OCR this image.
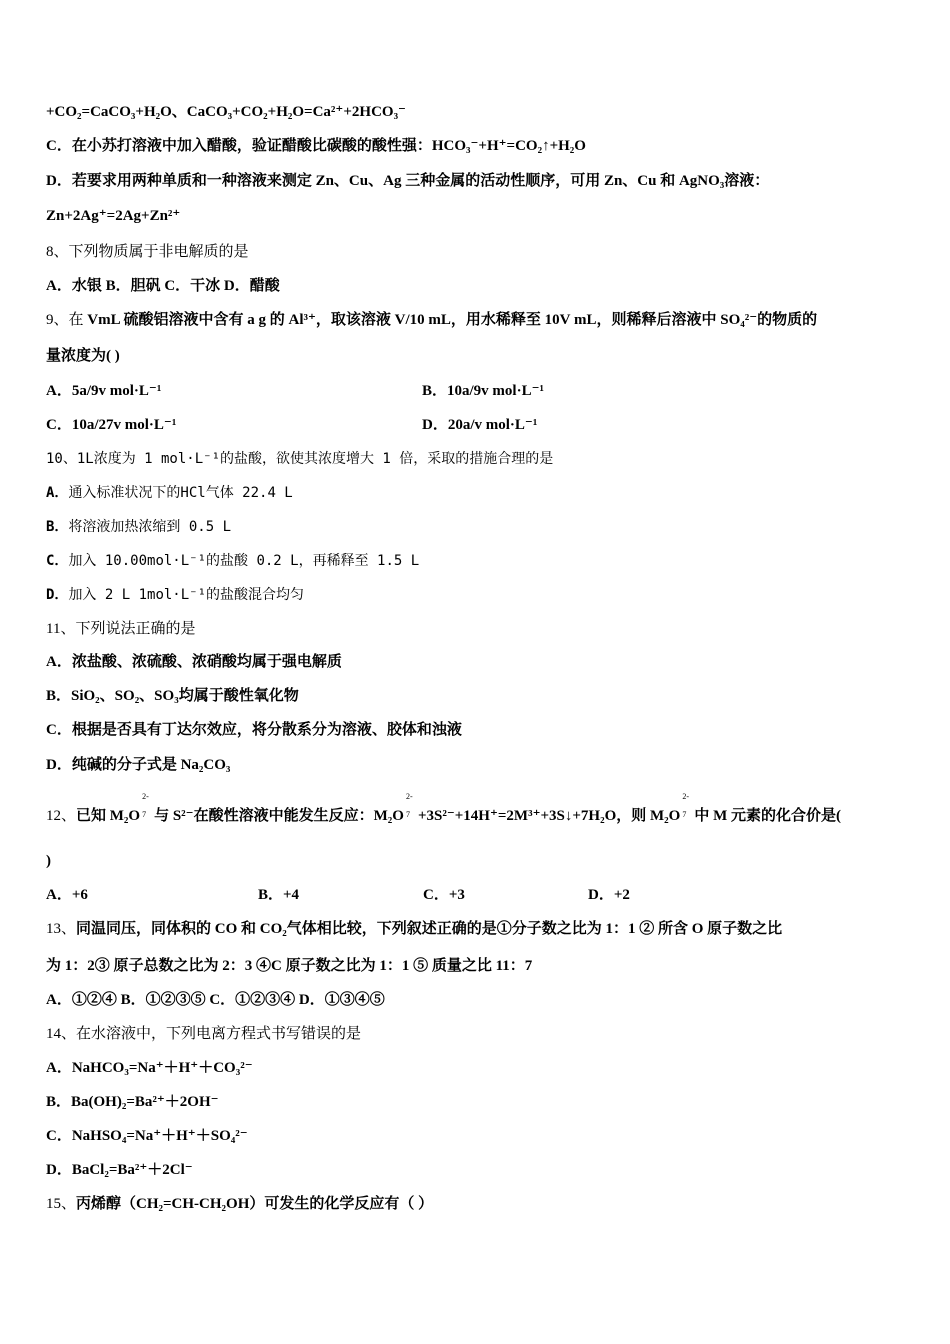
+CO₂=CaCO₃+H₂O、CaCO₃+CO₂+H₂O=Ca²⁺+2HCO₃⁻
C．在小苏打溶液中加入醋酸，验证醋酸比碳酸的酸性强：HCO₃⁻+H⁺=CO₂↑+H₂O
D．若要求用两种单质和一种溶液来测定 Zn、Cu、Ag 三种金属的活动性顺序，可用 Zn、Cu 和 AgNO₃溶液：
Zn+2Ag⁺=2Ag+Zn²⁺
8、下列物质属于非电解质的是
A．水银 B．胆矾 C．干冰 D．醋酸
9、在 VmL 硫酸铝溶液中含有 a g 的 Al³⁺，取该溶液 V/10 mL，用水稀释至 10V mL，则稀释后溶液中 SO₄²⁻的物质的
量浓度为( )
A．5a/9v mol·L⁻¹	B．10a/9v mol·L⁻¹
C．10a/27v mol·L⁻¹	D．20a/v mol·L⁻¹
10、1L浓度为 1 mol·L⁻¹的盐酸，欲使其浓度增大 1 倍，采取的措施合理的是
A．通入标准状况下的HCl气体 22.4 L
B．将溶液加热浓缩到 0.5 L
C．加入 10.00mol·L⁻¹的盐酸 0.2 L，再稀释至 1.5 L
D．加入 2 L 1mol·L⁻¹的盐酸混合均匀
11、下列说法正确的是
A．浓盐酸、浓硫酸、浓硝酸均属于强电解质
B．SiO₂、SO₂、SO₃均属于酸性氧化物
C．根据是否具有丁达尔效应，将分散系分为溶液、胶体和浊液
D．纯碱的分子式是 Na₂CO₃
12、已知 M₂O
2-
7 与 S²⁻在酸性溶液中能发生反应：M₂O
2-
7 +3S²⁻+14H⁺=2M³⁺+3S↓+7H₂O，则 M₂O
2-
7 中 M 元素的化合价是(
)
A．+6	B．+4	C．+3	D．+2
13、同温同压，同体积的 CO 和 CO₂气体相比较，下列叙述正确的是①分子数之比为 1：1 ② 所含 O 原子数之比
为 1：2③ 原子总数之比为 2：3 ④C 原子数之比为 1：1 ⑤ 质量之比 11：7
A．①②④ B．①②③⑤ C．①②③④ D．①③④⑤
14、在水溶液中，下列电离方程式书写错误的是
A．NaHCO₃=Na⁺＋H⁺＋CO₃²⁻
B．Ba(OH)₂=Ba²⁺＋2OH⁻
C．NaHSO₄=Na⁺＋H⁺＋SO₄²⁻
D．BaCl₂=Ba²⁺＋2Cl⁻
15、丙烯醇（CH₂=CH-CH₂OH）可发生的化学反应有（ ）
